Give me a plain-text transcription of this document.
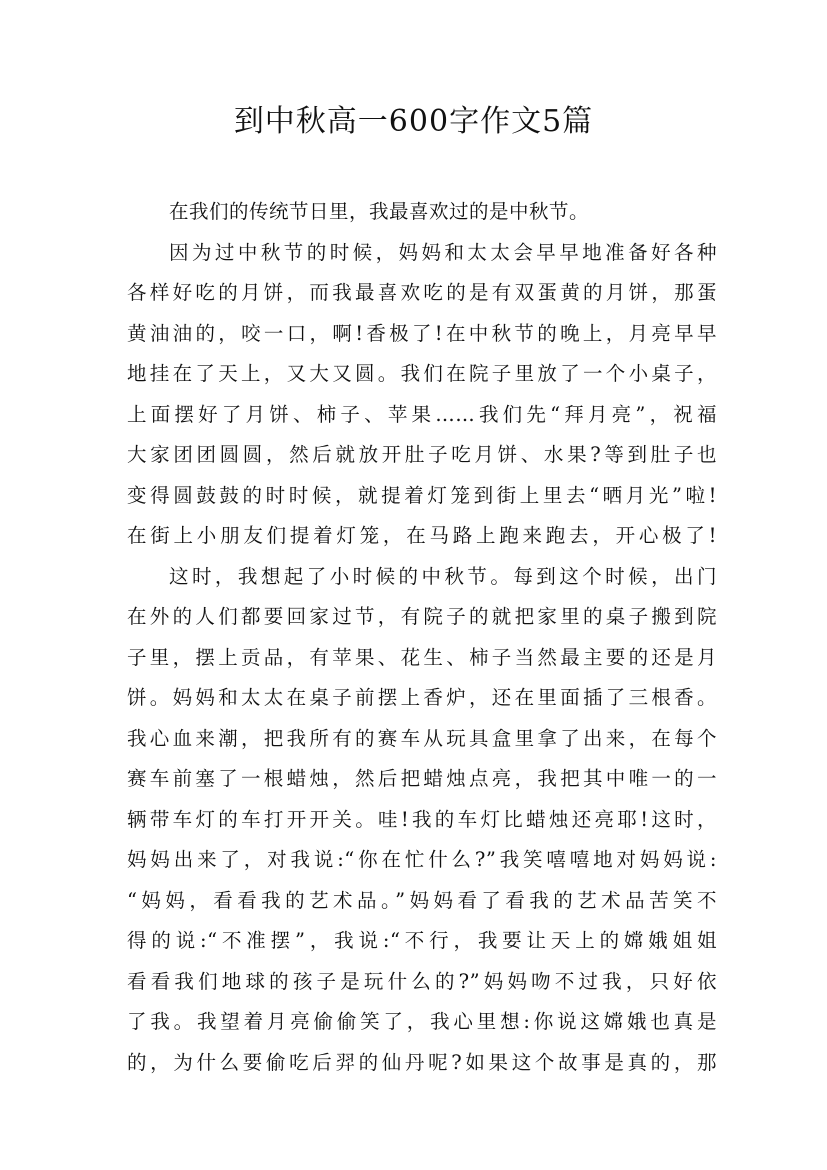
到中秋高一600字作文5篇
在我们的传统节日里，我最喜欢过的是中秋节。
因为过中秋节的时候，妈妈和太太会早早地准备好各种
各样好吃的月饼，而我最喜欢吃的是有双蛋黄的月饼，那蛋
黄油油的，咬一口，啊!香极了!在中秋节的晚上，月亮早早
地挂在了天上，又大又圆。我们在院子里放了一个小桌子，
上面摆好了月饼、柿子、苹果……我们先“拜月亮”，祝福
大家团团圆圆，然后就放开肚子吃月饼、水果?等到肚子也
变得圆鼓鼓的时时候，就提着灯笼到街上里去“晒月光”啦!
在街上小朋友们提着灯笼，在马路上跑来跑去，开心极了!
这时，我想起了小时候的中秋节。每到这个时候，出门
在外的人们都要回家过节，有院子的就把家里的桌子搬到院
子里，摆上贡品，有苹果、花生、柿子当然最主要的还是月
饼。妈妈和太太在桌子前摆上香炉，还在里面插了三根香。
我心血来潮，把我所有的赛车从玩具盒里拿了出来，在每个
赛车前塞了一根蜡烛，然后把蜡烛点亮，我把其中唯一的一
辆带车灯的车打开开关。哇!我的车灯比蜡烛还亮耶!这时，
妈妈出来了，对我说:“你在忙什么?”我笑嘻嘻地对妈妈说:
“妈妈，看看我的艺术品。”妈妈看了看我的艺术品苦笑不
得的说:“不准摆”，我说:“不行，我要让天上的嫦娥姐姐
看看我们地球的孩子是玩什么的?”妈妈吻不过我，只好依
了我。我望着月亮偷偷笑了，我心里想:你说这嫦娥也真是
的，为什么要偷吃后羿的仙丹呢?如果这个故事是真的，那
